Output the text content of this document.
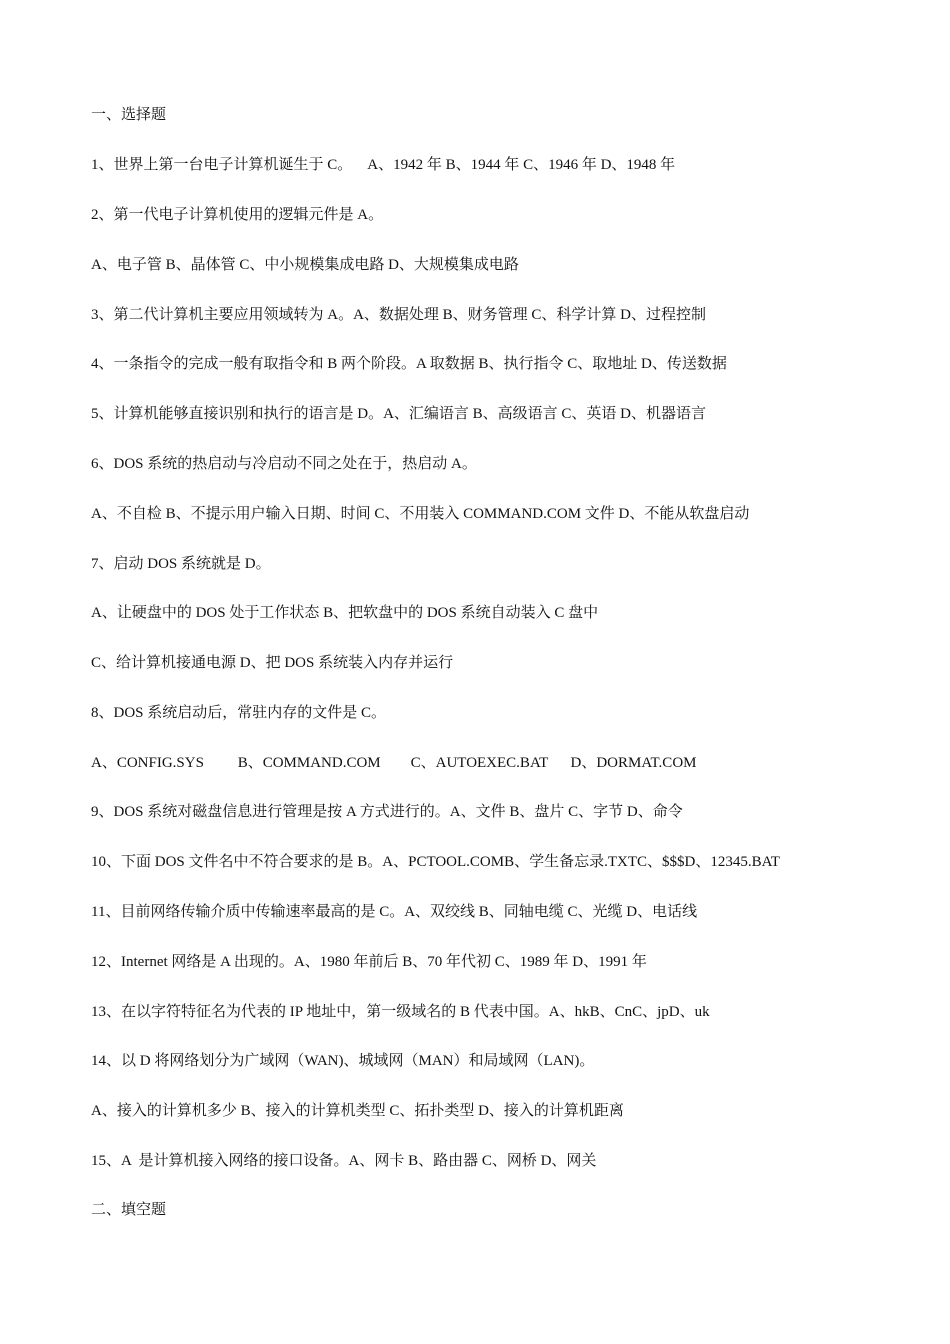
一、选择题
1、世界上第一台电子计算机诞生于 C。    A、1942 年 B、1944 年 C、1946 年 D、1948 年
2、第一代电子计算机使用的逻辑元件是 A。
A、电子管 B、晶体管 C、中小规模集成电路 D、大规模集成电路
3、第二代计算机主要应用领域转为 A。A、数据处理 B、财务管理 C、科学计算 D、过程控制
4、一条指令的完成一般有取指令和 B 两个阶段。A 取数据 B、执行指令 C、取地址 D、传送数据
5、计算机能够直接识别和执行的语言是 D。A、汇编语言 B、高级语言 C、英语 D、机器语言
6、DOS 系统的热启动与冷启动不同之处在于，热启动 A。
A、不自检 B、不提示用户输入日期、时间 C、不用装入 COMMAND.COM 文件 D、不能从软盘启动
7、启动 DOS 系统就是 D。
A、让硬盘中的 DOS 处于工作状态 B、把软盘中的 DOS 系统自动装入 C 盘中
C、给计算机接通电源 D、把 DOS 系统装入内存并运行
8、DOS 系统启动后，常驻内存的文件是 C。
A、CONFIG.SYS         B、COMMAND.COM        C、AUTOEXEC.BAT      D、DORMAT.COM
9、DOS 系统对磁盘信息进行管理是按 A 方式进行的。A、文件 B、盘片 C、字节 D、命令
10、下面 DOS 文件名中不符合要求的是 B。A、PCTOOL.COMB、学生备忘录.TXTC、$$$D、12345.BAT
11、目前网络传输介质中传输速率最高的是 C。A、双绞线 B、同轴电缆 C、光缆 D、电话线
12、Internet 网络是 A 出现的。A、1980 年前后 B、70 年代初 C、1989 年 D、1991 年
13、在以字符特征名为代表的 IP 地址中，第一级域名的 B 代表中国。A、hkB、CnC、jpD、uk
14、以 D 将网络划分为广域网（WAN)、城域网（MAN）和局域网（LAN)。
A、接入的计算机多少 B、接入的计算机类型 C、拓扑类型 D、接入的计算机距离
15、A  是计算机接入网络的接口设备。A、网卡 B、路由器 C、网桥 D、网关
二、填空题
